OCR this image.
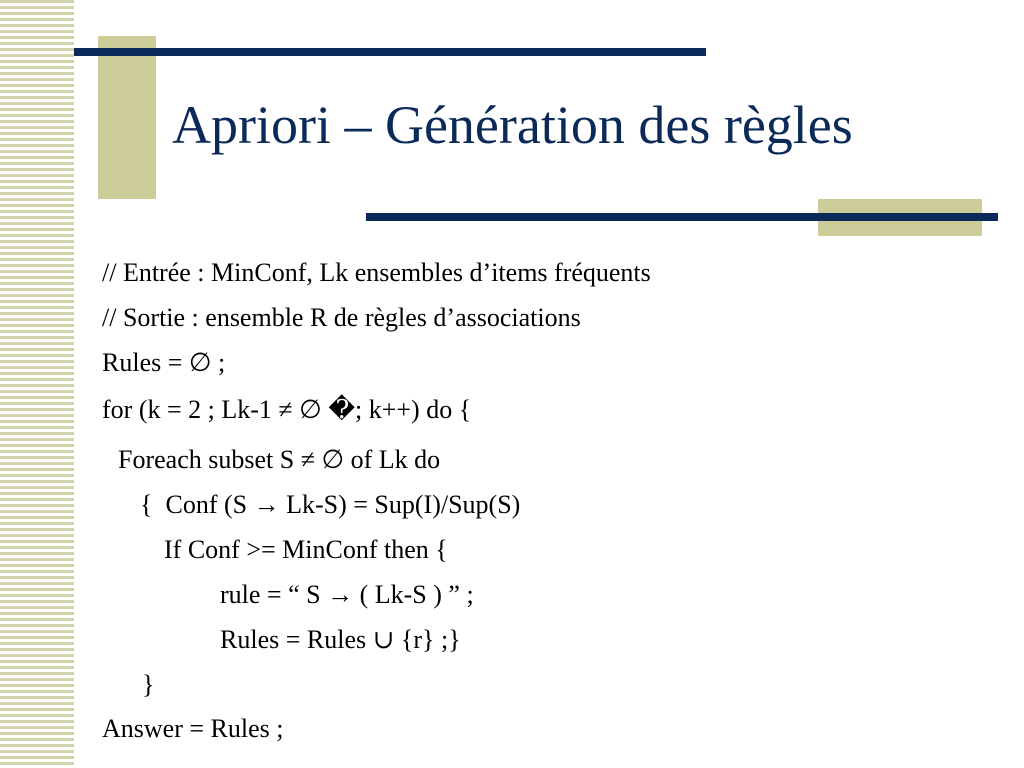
Apriori – Génération des règles
// Entrée : MinConf, Lk ensembles d’items fréquents
// Sortie : ensemble R de règles d’associations
Rules = ∅ ;
for (k = 2 ; Lk-1 ≠ ∅ �; k++) do {
Foreach subset S ≠ ∅ of Lk do
{  Conf (S → Lk-S) = Sup(I)/Sup(S)
If Conf >= MinConf then {
rule = “ S → ( Lk-S ) ” ;
Rules = Rules ∪ {r} ;}
}
Answer = Rules ;
